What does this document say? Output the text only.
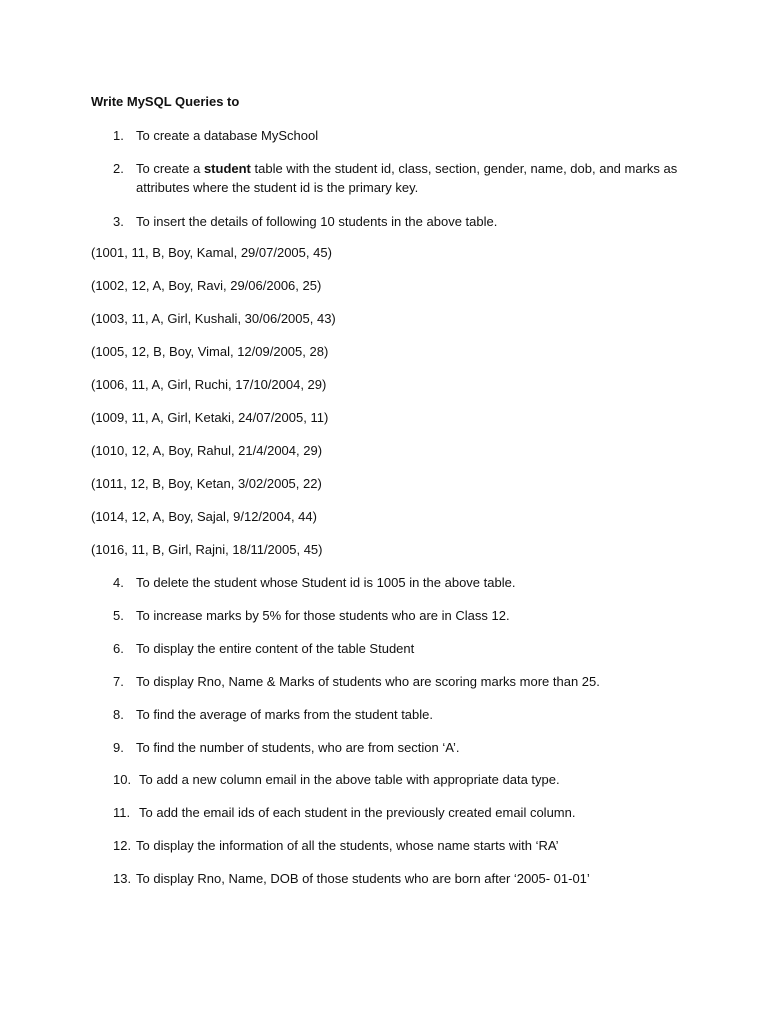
Write MySQL Queries to
1. To create a database MySchool
2. To create a student table with the student id, class, section, gender, name, dob, and marks as attributes where the student id is the primary key.
3. To insert the details of following 10 students in the above table.
(1001, 11, B, Boy, Kamal, 29/07/2005, 45)
(1002, 12, A, Boy, Ravi, 29/06/2006, 25)
(1003, 11, A, Girl, Kushali, 30/06/2005, 43)
(1005, 12, B, Boy, Vimal, 12/09/2005, 28)
(1006, 11, A, Girl, Ruchi, 17/10/2004, 29)
(1009, 11, A, Girl, Ketaki, 24/07/2005, 11)
(1010, 12, A, Boy, Rahul, 21/4/2004, 29)
(1011, 12, B, Boy, Ketan, 3/02/2005, 22)
(1014, 12, A, Boy, Sajal, 9/12/2004, 44)
(1016, 11, B, Girl, Rajni, 18/11/2005, 45)
4. To delete the student whose Student id is 1005 in the above table.
5. To increase marks by 5% for those students who are in Class 12.
6. To display the entire content of the table Student
7. To display Rno, Name & Marks of students who are scoring marks more than 25.
8. To find the average of marks from the student table.
9. To find the number of students, who are from section ‘A’.
10. To add a new column email in the above table with appropriate data type.
11. To add the email ids of each student in the previously created email column.
12. To display the information of all the students, whose name starts with ‘RA’
13. To display Rno, Name, DOB of those students who are born after ‘2005- 01-01’
